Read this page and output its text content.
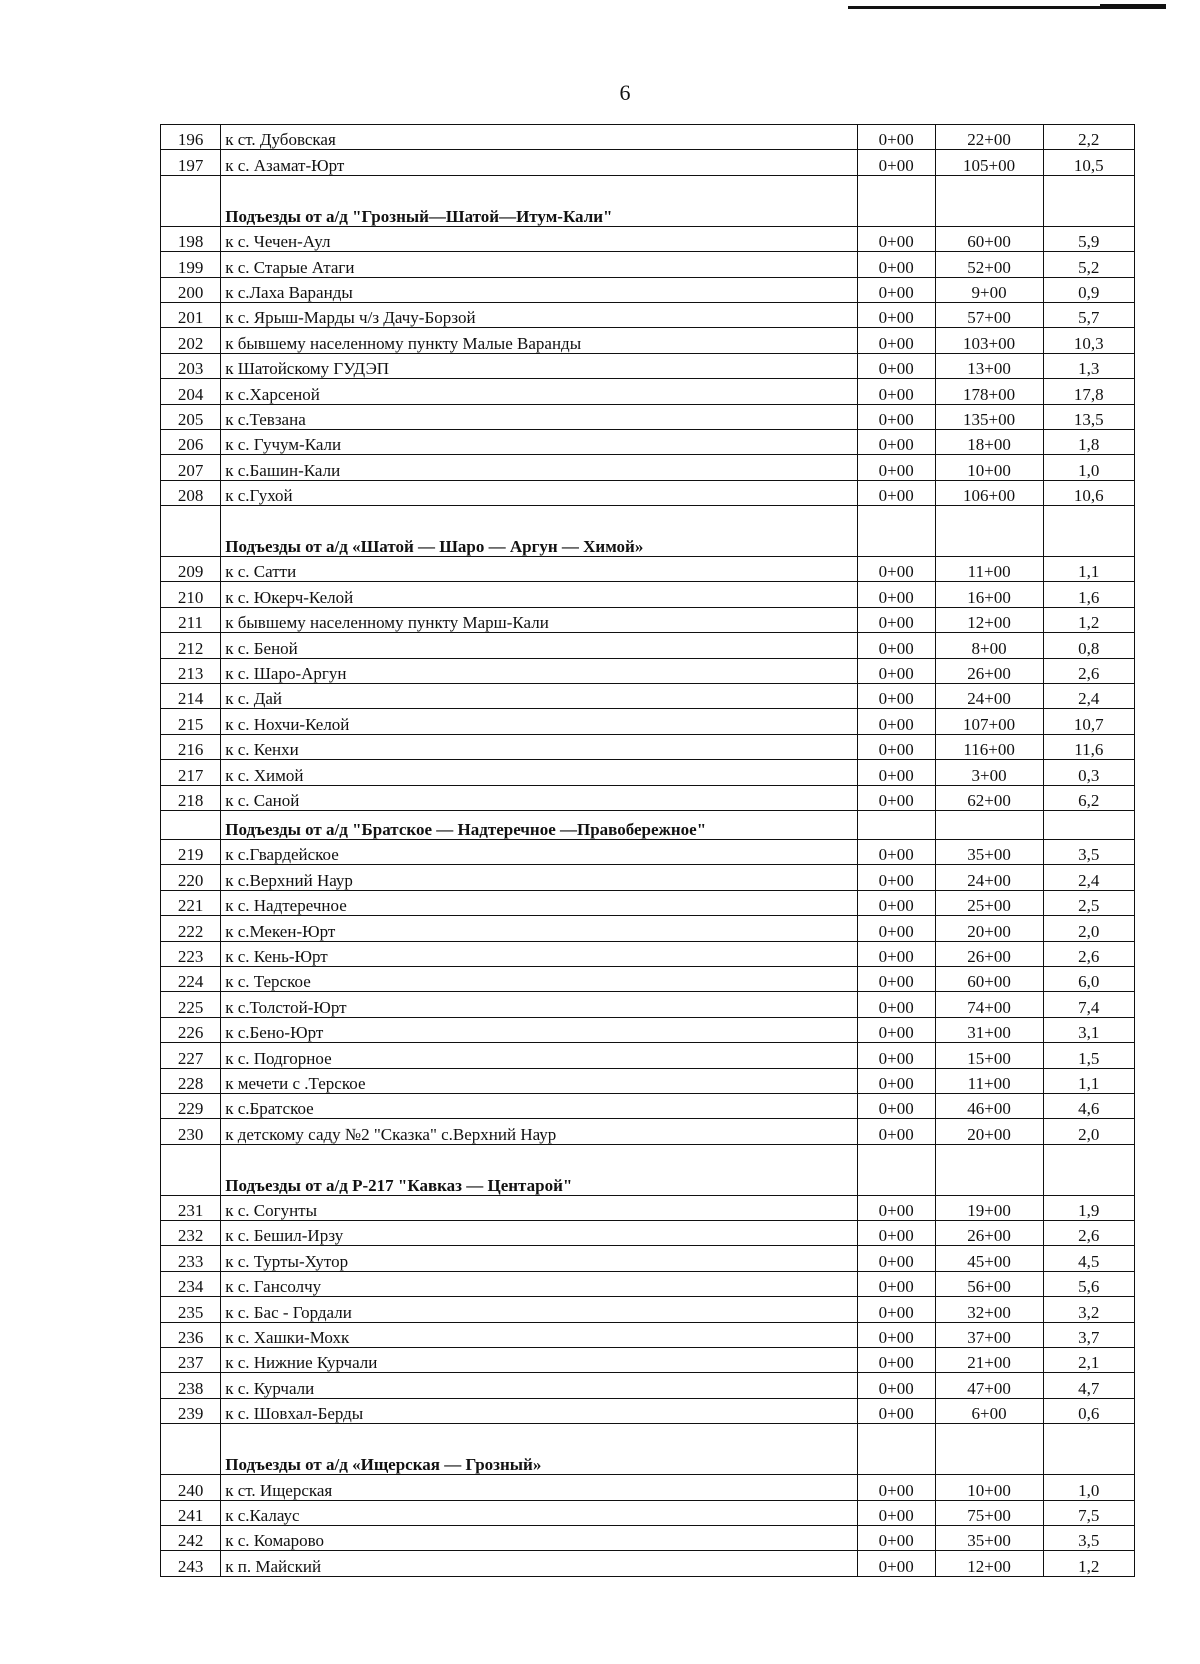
6
196	к ст. Дубовская	0+00	22+00	2,2
197	к с. Азамат-Юрт	0+00	105+00	10,5
	Подъезды от а/д "Грозный—Шатой—Итум-Кали"			
198	к с. Чечен-Аул	0+00	60+00	5,9
199	к с. Старые Атаги	0+00	52+00	5,2
200	к с.Лаха Варанды	0+00	9+00	0,9
201	к с. Ярыш-Марды ч/з Дачу-Борзой	0+00	57+00	5,7
202	к бывшему населенному пункту Малые Варанды	0+00	103+00	10,3
203	к Шатойскому ГУДЭП	0+00	13+00	1,3
204	к с.Харсеной	0+00	178+00	17,8
205	к с.Тевзана	0+00	135+00	13,5
206	к с. Гучум-Кали	0+00	18+00	1,8
207	к с.Башин-Кали	0+00	10+00	1,0
208	к с.Гухой	0+00	106+00	10,6
	Подъезды от а/д «Шатой — Шаро — Аргун — Химой»			
209	к с. Сатти	0+00	11+00	1,1
210	к с. Юкерч-Келой	0+00	16+00	1,6
211	к бывшему населенному пункту Марш-Кали	0+00	12+00	1,2
212	к с. Беной	0+00	8+00	0,8
213	к с. Шаро-Аргун	0+00	26+00	2,6
214	к с. Дай	0+00	24+00	2,4
215	к с. Нохчи-Келой	0+00	107+00	10,7
216	к с. Кенхи	0+00	116+00	11,6
217	к с. Химой	0+00	3+00	0,3
218	к с. Саной	0+00	62+00	6,2
	Подъезды от а/д "Братское — Надтеречное —Правобережное"			
219	к с.Гвардейское	0+00	35+00	3,5
220	к с.Верхний Наур	0+00	24+00	2,4
221	к с. Надтеречное	0+00	25+00	2,5
222	к с.Мекен-Юрт	0+00	20+00	2,0
223	к с. Кень-Юрт	0+00	26+00	2,6
224	к с. Терское	0+00	60+00	6,0
225	к с.Толстой-Юрт	0+00	74+00	7,4
226	к с.Бено-Юрт	0+00	31+00	3,1
227	к с. Подгорное	0+00	15+00	1,5
228	к мечети с .Терское	0+00	11+00	1,1
229	к с.Братское	0+00	46+00	4,6
230	к детскому саду №2 "Сказка" с.Верхний Наур	0+00	20+00	2,0
	Подъезды от а/д Р-217 "Кавказ — Центарой"			
231	к с. Согунты	0+00	19+00	1,9
232	к с. Бешил-Ирзу	0+00	26+00	2,6
233	к с. Турты-Хутор	0+00	45+00	4,5
234	к с. Гансолчу	0+00	56+00	5,6
235	к с. Бас - Гордали	0+00	32+00	3,2
236	к с. Хашки-Мохк	0+00	37+00	3,7
237	к с. Нижние Курчали	0+00	21+00	2,1
238	к с. Курчали	0+00	47+00	4,7
239	к с. Шовхал-Берды	0+00	6+00	0,6
	Подъезды от а/д «Ищерская — Грозный»			
240	к ст. Ищерская	0+00	10+00	1,0
241	к с.Калаус	0+00	75+00	7,5
242	к с. Комарово	0+00	35+00	3,5
243	к п. Майский	0+00	12+00	1,2
